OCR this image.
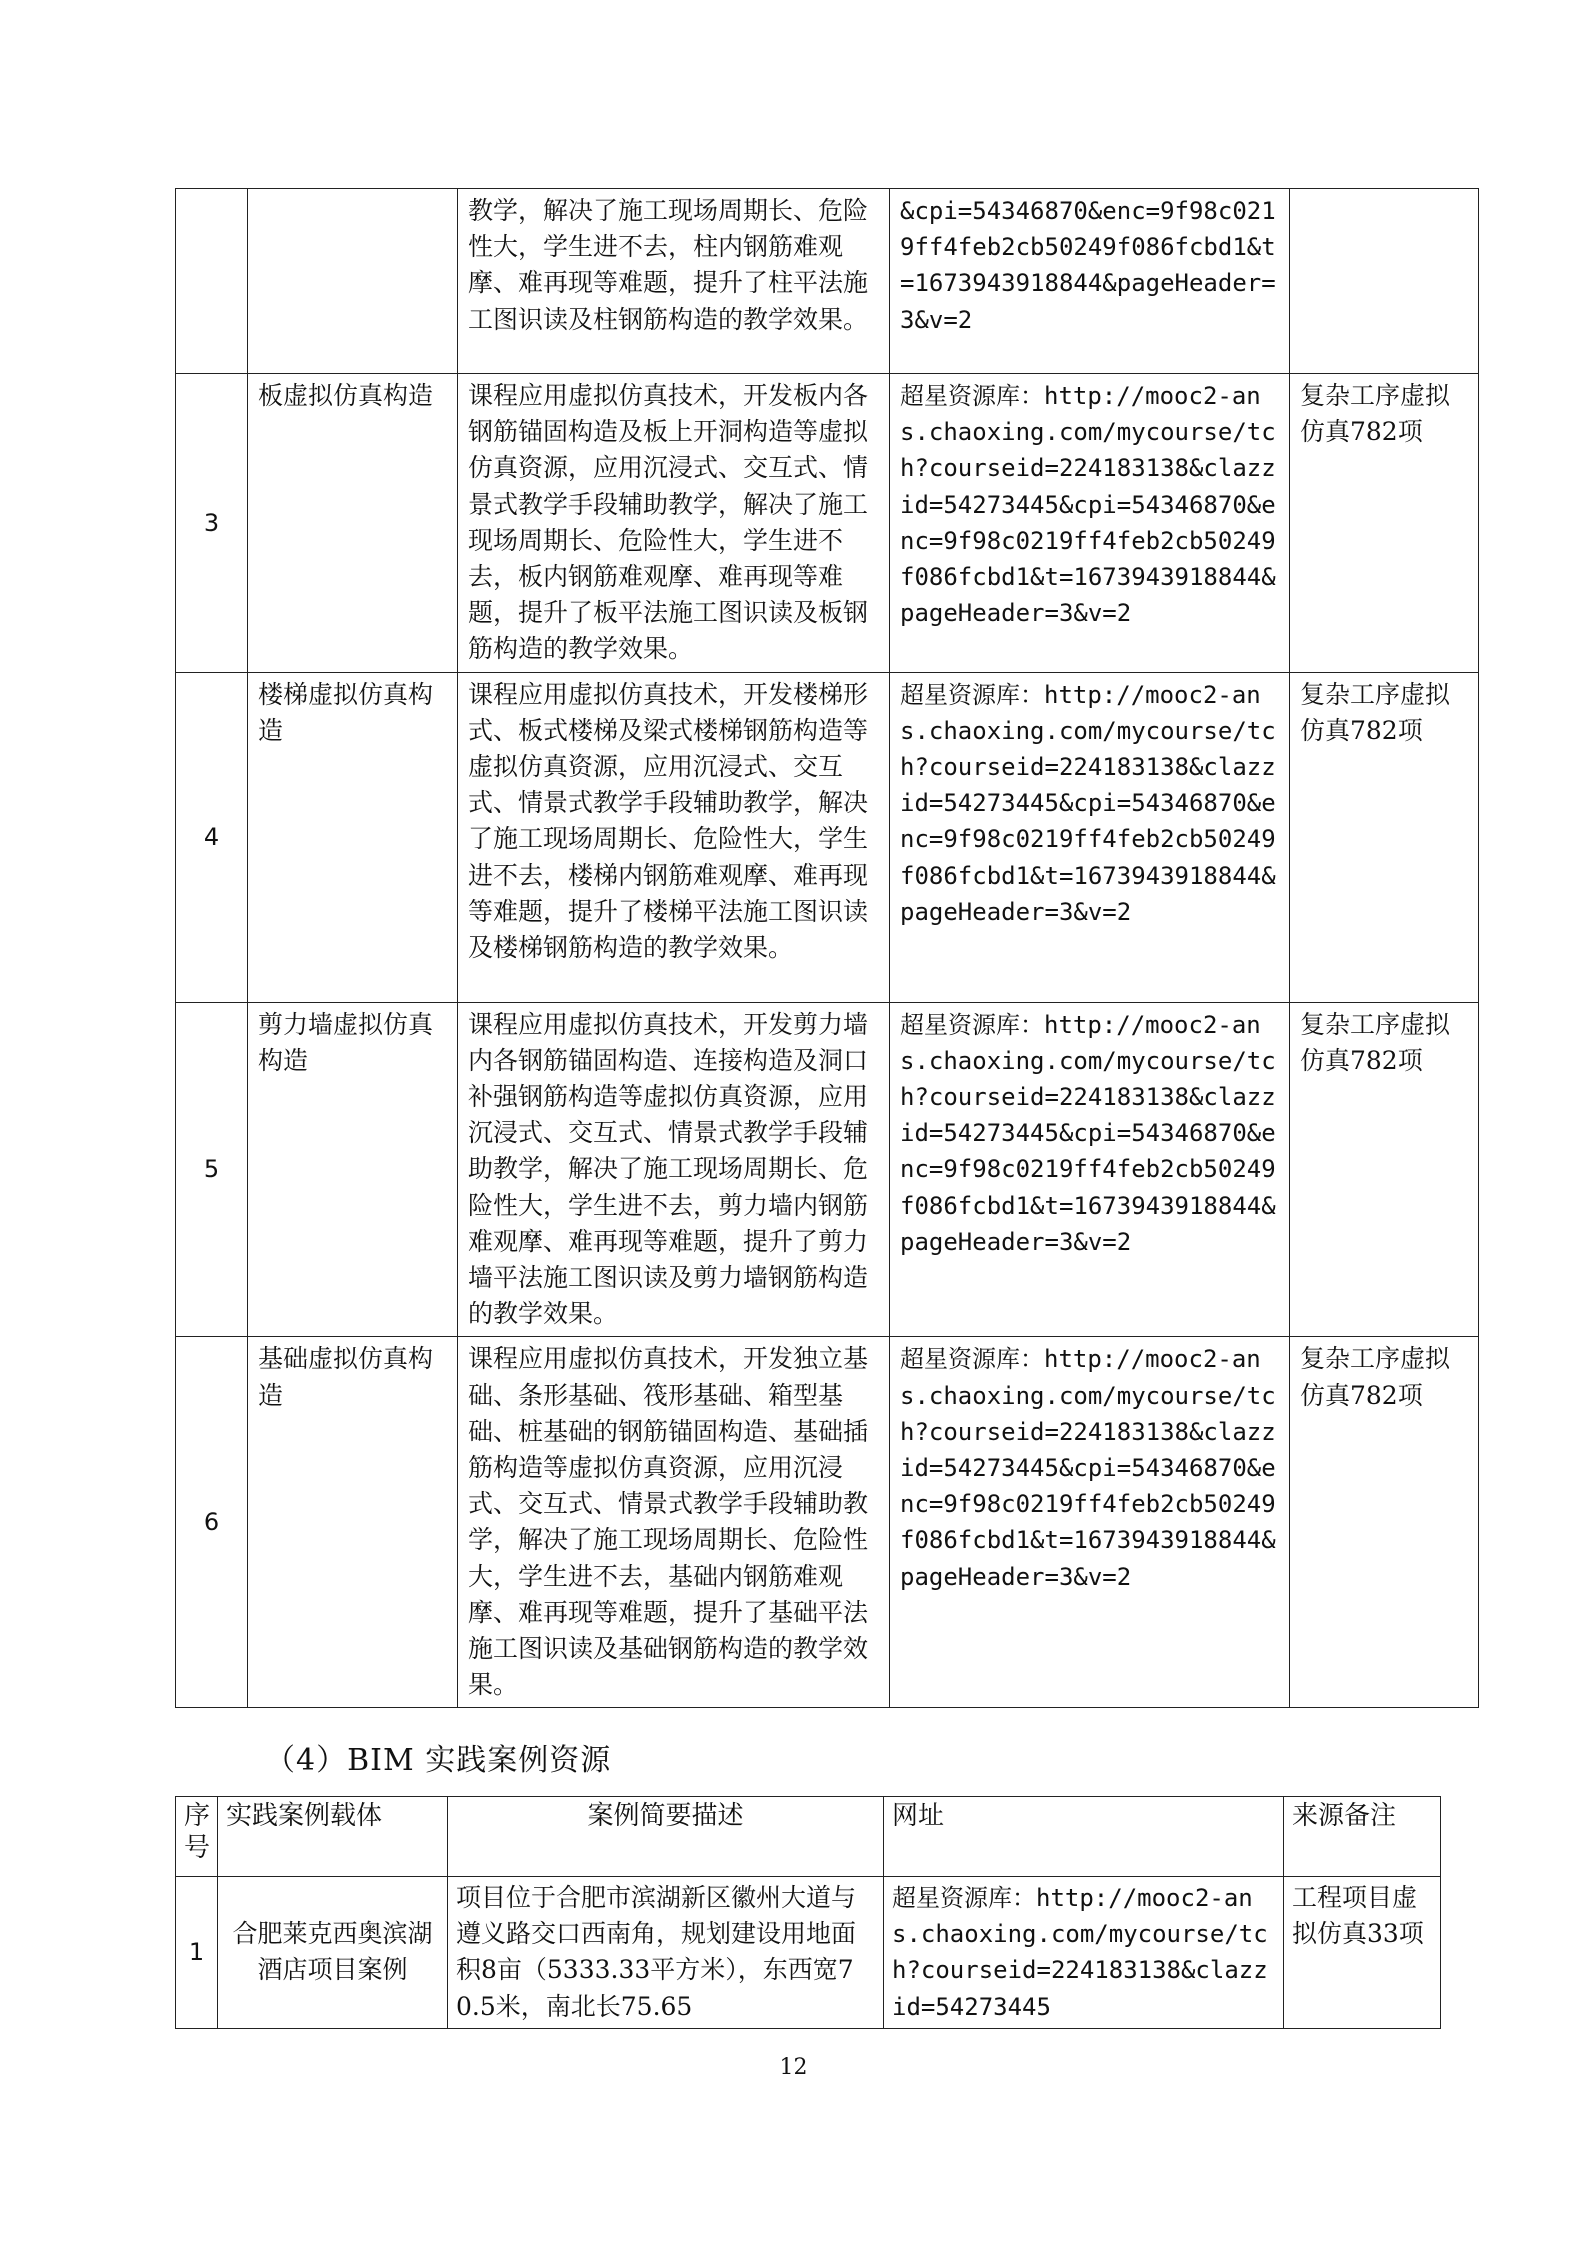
		教学，解决了施工现场周期长、危险性大，学生进不去，柱内钢筋难观摩、难再现等难题，提升了柱平法施工图识读及柱钢筋构造的教学效果。	&cpi=54346870&enc=9f98c0219ff4feb2cb50249f086fcbd1&t=1673943918844&pageHeader=3&v=2	
3	板虚拟仿真构造	课程应用虚拟仿真技术，开发板内各钢筋锚固构造及板上开洞构造等虚拟仿真资源，应用沉浸式、交互式、情景式教学手段辅助教学，解决了施工现场周期长、危险性大，学生进不去，板内钢筋难观摩、难再现等难题，提升了板平法施工图识读及板钢筋构造的教学效果。	超星资源库：http://mooc2-ans.chaoxing.com/mycourse/tch?courseid=224183138&clazzid=54273445&cpi=54346870&enc=9f98c0219ff4feb2cb50249f086fcbd1&t=1673943918844&pageHeader=3&v=2	复杂工序虚拟仿真782项
4	楼梯虚拟仿真构造	课程应用虚拟仿真技术，开发楼梯形式、板式楼梯及梁式楼梯钢筋构造等虚拟仿真资源，应用沉浸式、交互式、情景式教学手段辅助教学，解决了施工现场周期长、危险性大，学生进不去，楼梯内钢筋难观摩、难再现等难题，提升了楼梯平法施工图识读及楼梯钢筋构造的教学效果。	超星资源库：http://mooc2-ans.chaoxing.com/mycourse/tch?courseid=224183138&clazzid=54273445&cpi=54346870&enc=9f98c0219ff4feb2cb50249f086fcbd1&t=1673943918844&pageHeader=3&v=2	复杂工序虚拟仿真782项
5	剪力墙虚拟仿真构造	课程应用虚拟仿真技术，开发剪力墙内各钢筋锚固构造、连接构造及洞口补强钢筋构造等虚拟仿真资源，应用沉浸式、交互式、情景式教学手段辅助教学，解决了施工现场周期长、危险性大，学生进不去，剪力墙内钢筋难观摩、难再现等难题，提升了剪力墙平法施工图识读及剪力墙钢筋构造的教学效果。	超星资源库：http://mooc2-ans.chaoxing.com/mycourse/tch?courseid=224183138&clazzid=54273445&cpi=54346870&enc=9f98c0219ff4feb2cb50249f086fcbd1&t=1673943918844&pageHeader=3&v=2	复杂工序虚拟仿真782项
6	基础虚拟仿真构造	课程应用虚拟仿真技术，开发独立基础、条形基础、筏形基础、箱型基础、桩基础的钢筋锚固构造、基础插筋构造等虚拟仿真资源，应用沉浸式、交互式、情景式教学手段辅助教学，解决了施工现场周期长、危险性大，学生进不去，基础内钢筋难观摩、难再现等难题，提升了基础平法施工图识读及基础钢筋构造的教学效果。	超星资源库：http://mooc2-ans.chaoxing.com/mycourse/tch?courseid=224183138&clazzid=54273445&cpi=54346870&enc=9f98c0219ff4feb2cb50249f086fcbd1&t=1673943918844&pageHeader=3&v=2	复杂工序虚拟仿真782项
（4）BIM 实践案例资源
序号	实践案例载体	案例简要描述	网址	来源备注
1	合肥莱克西奥滨湖酒店项目案例	项目位于合肥市滨湖新区徽州大道与遵义路交口西南角，规划建设用地面积8亩（5333.33平方米），东西宽70.5米，南北长75.65	超星资源库：http://mooc2-ans.chaoxing.com/mycourse/tch?courseid=224183138&clazzid=54273445	工程项目虚拟仿真33项
12
